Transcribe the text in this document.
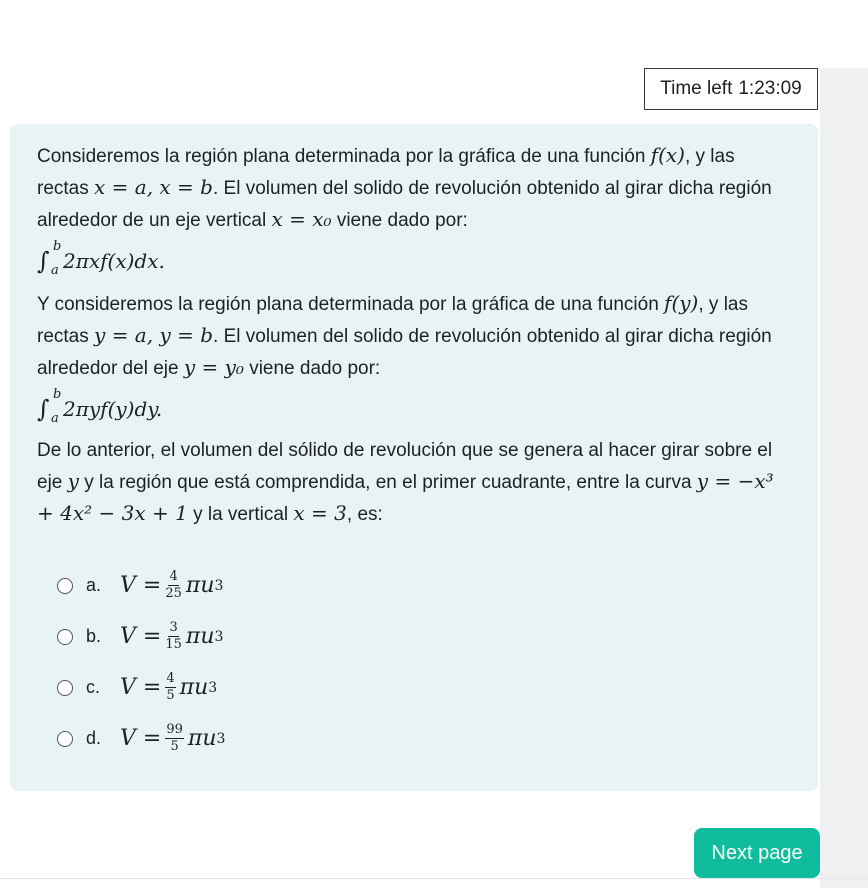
Time left 1:23:09

Consideremos la región plana determinada por la gráfica de una función f(x), y las rectas x = a, x = b. El volumen del solido de revolución obtenido al girar dicha región alrededor de un eje vertical x = x₀ viene dado por:

∫
b
a 2πxf(x)dx.

Y consideremos la región plana determinada por la gráfica de una función f(y), y las rectas y = a, y = b. El volumen del solido de revolución obtenido al girar dicha región alrededor del eje y = y₀ viene dado por:

∫
b
a 2πyf(y)dy.

De lo anterior, el volumen del sólido de revolución que se genera al hacer girar sobre el eje y y la región que está comprendida, en el primer cuadrante, entre la curva y = −x³ + 4x² − 3x + 1 y la vertical x = 3, es:

a. $V = \frac{4}{25}$ πu 3
b. $V = \frac{3}{15}$ πu 3
c. $V = \frac{4}{5}$ πu 3
d. $V = \frac{99}{5}$ πu 3
Next page
